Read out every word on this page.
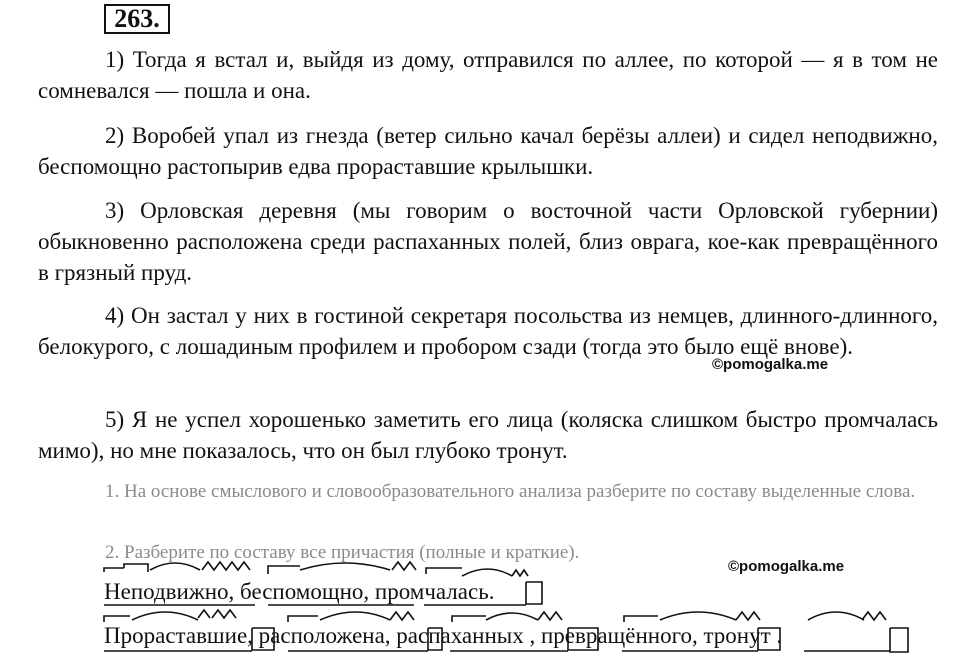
263.

1) Тогда я встал и, выйдя из дому, отправился по аллее, по которой — я в том не сомневался — пошла и она.

2) Воробей упал из гнезда (ветер сильно качал берёзы аллеи) и сидел неподвижно, беспомощно растопырив едва прораставшие крылышки.

3) Орловская деревня (мы говорим о восточной части Орловской губернии) обыкновенно расположена среди распаханных полей, близ оврага, кое-как превращённого в грязный пруд.

4) Он застал у них в гостиной секретаря посольства из немцев, длинного-длинного, белокурого, с лошадиным профилем и пробором сзади (тогда это было ещё внове).

5) Я не успел хорошенько заметить его лица (коляска слишком быстро промчалась мимо), но мне показалось, что он был глубоко тронут.

©pomogalka.me

1. На основе смыслового и словообразовательного анализа разберите по составу выделенные слова.

2. Разберите по составу все причастия (полные и краткие).

©pomogalka.me
Неподвижно, беспомощно, промчалась.
Прораставшие, расположена, распаханных , превращённого, тронут .
